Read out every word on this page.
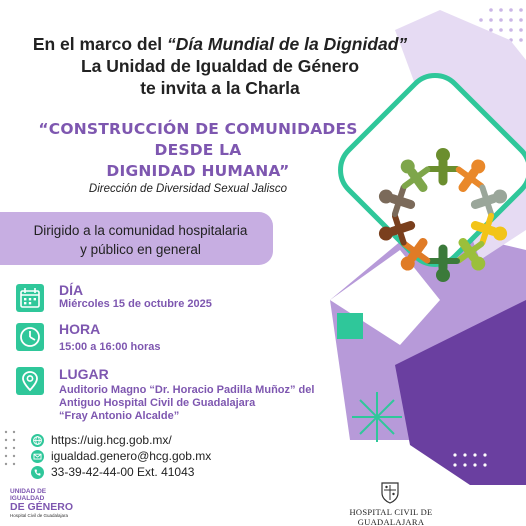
En el marco del “Día Mundial de la Dignidad”
La Unidad de Igualdad de Género
te invita a la Charla
“CONSTRUCCIÓN DE COMUNIDADES DESDE LA
DIGNIDAD HUMANA”
Dirección de Diversidad Sexual Jalisco
Dirigido a la comunidad hospitalaria
y público en general
DÍA
Miércoles 15 de octubre 2025
HORA
15:00 a 16:00 horas
LUGAR
Auditorio Magno “Dr. Horacio Padilla Muñoz” del
Antiguo Hospital Civil de Guadalajara
“Fray Antonio Alcalde”
https://uig.hcg.gob.mx/
igualdad.genero@hcg.gob.mx
33-39-42-44-00 Ext. 41043
UNIDAD DE IGUALDAD
DE GÉNERO
Hospital Civil de Guadalajara	HOSPITAL CIVIL DE GUADALAJARA
